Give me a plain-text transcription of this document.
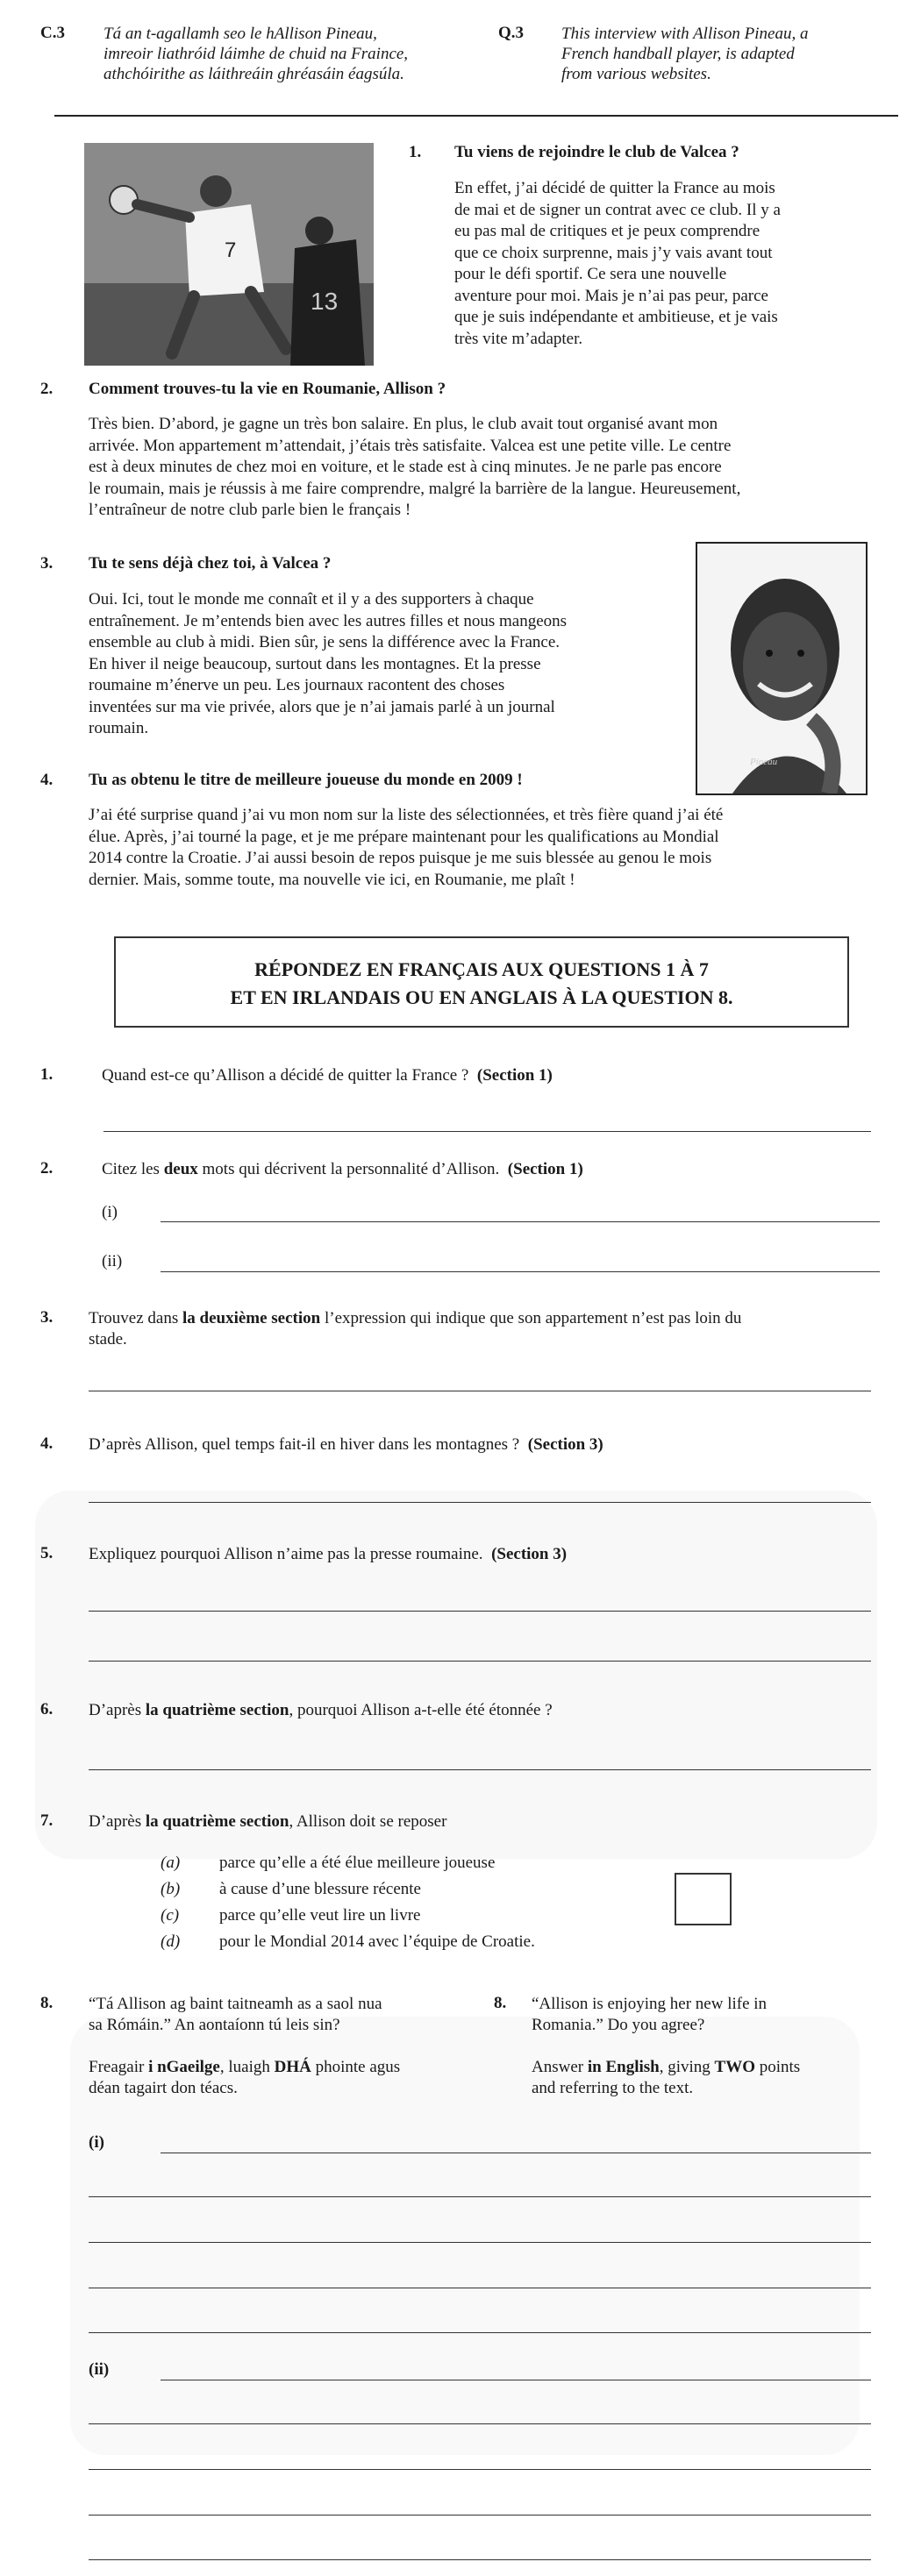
C.3 Tá an t-agallamh seo le hAllison Pineau,
imreoir liathróid láimhe de chuid na Fraince,
athchóirithe as láithreáin ghréasáin éagsúla.
Q.3 This interview with Allison Pineau, a
French handball player, is adapted
from various websites.
7
13
1. Tu viens de rejoindre le club de Valcea ?
En effet, j’ai décidé de quitter la France au mois
de mai et de signer un contrat avec ce club. Il y a
eu pas mal de critiques et je peux comprendre
que ce choix surprenne, mais j’y vais avant tout
pour le défi sportif. Ce sera une nouvelle
aventure pour moi. Mais je n’ai pas peur, parce
que je suis indépendante et ambitieuse, et je vais
très vite m’adapter.
2. Comment trouves-tu la vie en Roumanie, Allison ?
Très bien. D’abord, je gagne un très bon salaire. En plus, le club avait tout organisé avant mon
arrivée. Mon appartement m’attendait, j’étais très satisfaite. Valcea est une petite ville. Le centre
est à deux minutes de chez moi en voiture, et le stade est à cinq minutes. Je ne parle pas encore
le roumain, mais je réussis à me faire comprendre, malgré la barrière de la langue. Heureusement,
l’entraîneur de notre club parle bien le français !
3. Tu te sens déjà chez toi, à Valcea ?
Oui. Ici, tout le monde me connaît et il y a des supporters à chaque
entraînement. Je m’entends bien avec les autres filles et nous mangeons
ensemble au club à midi. Bien sûr, je sens la différence avec la France.
En hiver il neige beaucoup, surtout dans les montagnes. Et la presse
roumaine m’énerve un peu. Les journaux racontent des choses
inventées sur ma vie privée, alors que je n’ai jamais parlé à un journal
roumain.
Pineau
4. Tu as obtenu le titre de meilleure joueuse du monde en 2009 !
J’ai été surprise quand j’ai vu mon nom sur la liste des sélectionnées, et très fière quand j’ai été
élue. Après, j’ai tourné la page, et je me prépare maintenant pour les qualifications au Mondial
2014 contre la Croatie. J’ai aussi besoin de repos puisque je me suis blessée au genou le mois
dernier. Mais, somme toute, ma nouvelle vie ici, en Roumanie, me plaît !
RÉPONDEZ EN FRANÇAIS AUX QUESTIONS 1 À 7
ET EN IRLANDAIS OU EN ANGLAIS À LA QUESTION 8.
1.	Quand est-ce qu’Allison a décidé de quitter la France ? (Section 1)
2.	Citez les deux mots qui décrivent la personnalité d’Allison. (Section 1)
(i)
(ii)
3. Trouvez dans la deuxième section l’expression qui indique que son appartement n’est pas loin du
stade.
4. D’après Allison, quel temps fait-il en hiver dans les montagnes ? (Section 3)
5. Expliquez pourquoi Allison n’aime pas la presse roumaine. (Section 3)
6. D’après la quatrième section, pourquoi Allison a-t-elle été étonnée ?
7. D’après la quatrième section, Allison doit se reposer
(a) parce qu’elle a été élue meilleure joueuse
(b) à cause d’une blessure récente
(c) parce qu’elle veut lire un livre
(d) pour le Mondial 2014 avec l’équipe de Croatie.
8. “Tá Allison ag baint taitneamh as a saol nua
sa Rómáin.” An aontaíonn tú leis sin?
Freagair i nGaeilge, luaigh DHÁ phointe agus
déan tagairt don téacs.
8. “Allison is enjoying her new life in
Romania.” Do you agree?
Answer in English, giving TWO points
and referring to the text.
(i)
(ii)
